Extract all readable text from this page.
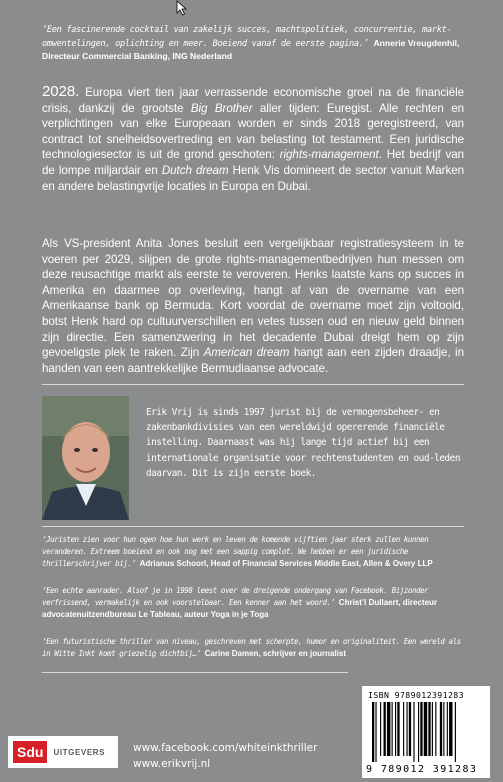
‘Een fascinerende cocktail van zakelijk succes, machtspolitiek, concurrentie, markt-omwentelingen, oplichting en meer. Boeiend vanaf de eerste pagina.’ Annerie Vreugdenhil, Directeur Commercial Banking, ING Nederland

2028. Europa viert tien jaar verrassende economische groei na de financiële crisis, dankzij de grootste Big Brother aller tijden: Euregist. Alle rechten en verplichtingen van elke Europeaan worden er sinds 2018 geregistreerd, van contract tot snelheidsovertreding en van belasting tot testament. Een juridische technologiesector is uit de grond geschoten: rights-management. Het bedrijf van de lompe miljardair en Dutch dream Henk Vis domineert de sector vanuit Marken en andere belastingvrije locaties in Europa en Dubai.

Als VS-president Anita Jones besluit een vergelijkbaar registratiesysteem in te voeren per 2029, slijpen de grote rights-managementbedrijven hun messen om deze reusachtige markt als eerste te veroveren. Henks laatste kans op succes in Amerika en daarmee op overleving, hangt af van de overname van een Amerikaanse bank op Bermuda. Kort voordat de overname moet zijn voltooid, botst Henk hard op cultuurverschillen en vetes tussen oud en nieuw geld binnen zijn directie. Een samenzwering in het decadente Dubai dreigt hem op zijn gevoeligste plek te raken. Zijn American dream hangt aan een zijden draadje, in handen van een aantrekkelijke Bermudiaanse advocate.

Erik Vrij is sinds 1997 jurist bij de vermogensbeheer- en zakenbankdivisies van een wereldwijd opererende financiële instelling. Daarnaast was hij lange tijd actief bij een internationale organisatie voor rechtenstudenten en oud-leden daarvan. Dit is zijn eerste boek.
‘Juristen zien voor hun ogen hoe hun werk en leven de komende vijftien jaar sterk zullen kunnen veranderen. Extreem boeiend en ook nog met een sappig complot. We hebben er een juridische thrillerschrijver bij.’ Adrianus Schoorl, Head of Financial Services Middle East, Allen & Overy LLP
‘Een echte aanrader. Alsof je in 1998 leest over de dreigende ondergang van Facebook. Bijzonder verfrissend, vermakelijk en ook voorstelbaar. Een kenner aan het woord.’ Christ’l Dullaert, directeur advocatenuitzendbureau Le Tableau, auteur Yoga in je Toga
‘Een futuristische thriller van niveau, geschreven met scherpte, humor en originaliteit. Een wereld als in Witte Inkt komt griezelig dichtbij…’ Carine Damen, schrijver en journalist
Sdu	UITGEVERS	www.facebook.com/whiteinkthriller
www.erikvrij.nl
ISBN 9789012391283
9 789012 391283
